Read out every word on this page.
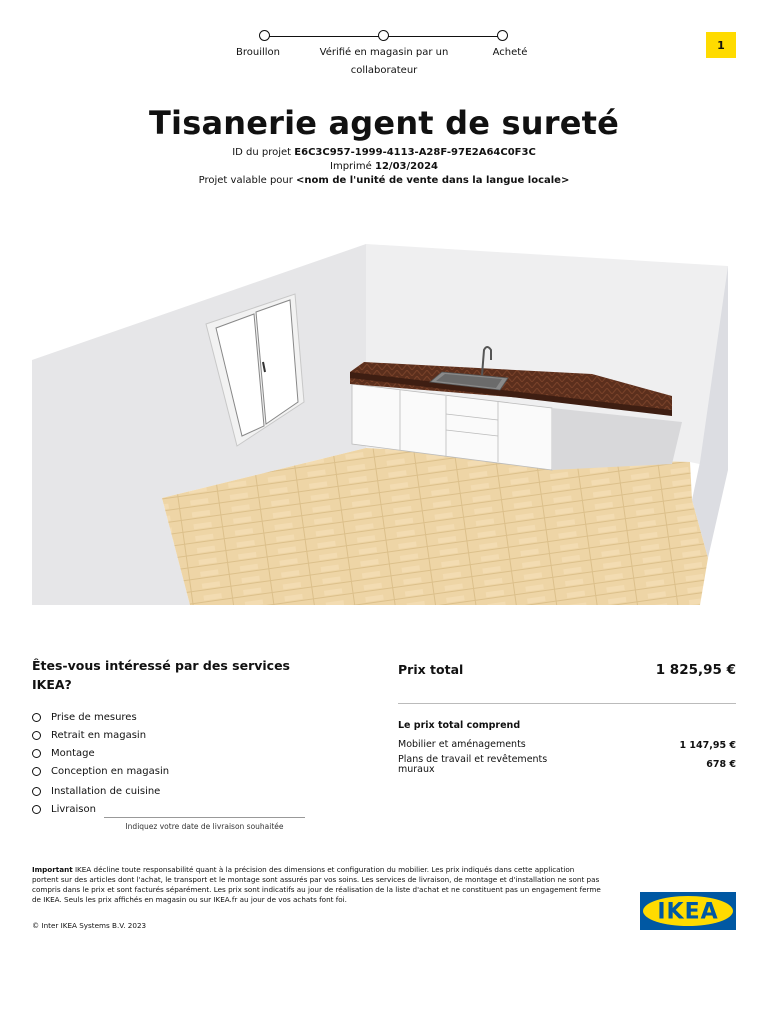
Brouillon	Vérifié en magasin par un collaborateur
Acheté
1
Tisanerie agent de sureté
ID du projet E6C3C957-1999-4113-A28F-97E2A64C0F3C
Imprimé 12/03/2024
Projet valable pour <nom de l'unité de vente dans la langue locale>
Êtes-vous intéressé par des services IKEA?
Prise de mesures
Retrait en magasin
Montage
Conception en magasin
Installation de cuisine
Livraison
Indiquez votre date de livraison souhaitée
Prix total	1 825,95 €
Le prix total comprend
Mobilier et aménagements	1 147,95 €
Plans de travail et revêtements muraux	678 €
Important IKEA décline toute responsabilité quant à la précision des dimensions et configuration du mobilier. Les prix indiqués dans cette application portent sur des articles dont l'achat, le transport et le montage sont assurés par vos soins. Les services de livraison, de montage et d'installation ne sont pas compris dans le prix et sont facturés séparément. Les prix sont indicatifs au jour de réalisation de la liste d'achat et ne constituent pas un engagement ferme de IKEA. Seuls les prix affichés en magasin ou sur IKEA.fr au jour de vos achats font foi.
© Inter IKEA Systems B.V. 2023
IKEA
